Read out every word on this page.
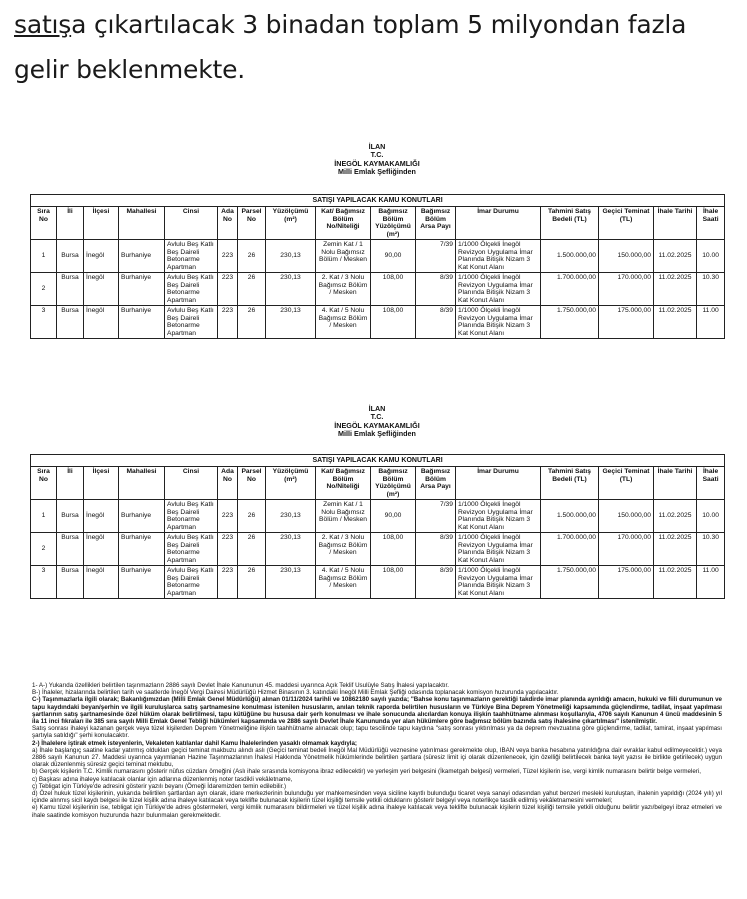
satışa çıkartılacak 3 binadan toplam 5 milyondan fazla gelir beklenmekte.
İLAN
T.C.
İNEGÖL KAYMAKAMLIĞI
Milli Emlak Şefliğinden
SATIŞI YAPILACAK KAMU KONUTLARI															
Sıra No	İli	İlçesi	Mahallesi	Cinsi	Ada No	Parsel No	Yüzölçümü (m²)	Kat/ Bağımsız Bölüm No/Niteliği	Bağımsız Bölüm Yüzölçümü (m²)	Bağımsız Bölüm Arsa Payı	İmar Durumu	Tahmini Satış Bedeli (TL)	Geçici Teminat (TL)	İhale Tarihi	İhale Saati
1	Bursa	İnegöl	Burhaniye	Avlulu Beş Katlı Beş Daireli Betonarme Apartman	223	26	230,13	Zemin Kat / 1 Nolu Bağımsız Bölüm / Mesken	90,00	7/39	1/1000 Ölçekli İnegöl Revizyon Uygulama İmar Planında Bitişik Nizam 3 Kat Konut Alanı	1.500.000,00	150.000,00	11.02.2025	10.00
2	Bursa	İnegöl	Burhaniye	Avlulu Beş Katlı Beş Daireli Betonarme Apartman	223	26	230,13	2. Kat / 3 Nolu Bağımsız Bölüm / Mesken	108,00	8/39	1/1000 Ölçekli İnegöl Revizyon Uygulama İmar Planında Bitişik Nizam 3 Kat Konut Alanı	1.700.000,00	170.000,00	11.02.2025	10.30
3	Bursa	İnegöl	Burhaniye	Avlulu Beş Katlı Beş Daireli Betonarme Apartman	223	26	230,13	4. Kat / 5 Nolu Bağımsız Bölüm / Mesken	108,00	8/39	1/1000 Ölçekli İnegöl Revizyon Uygulama İmar Planında Bitişik Nizam 3 Kat Konut Alanı	1.750.000,00	175.000,00	11.02.2025	11.00
İLAN
T.C.
İNEGÖL KAYMAKAMLIĞI
Milli Emlak Şefliğinden
SATIŞI YAPILACAK KAMU KONUTLARI															
Sıra No	İli	İlçesi	Mahallesi	Cinsi	Ada No	Parsel No	Yüzölçümü (m²)	Kat/ Bağımsız Bölüm No/Niteliği	Bağımsız Bölüm Yüzölçümü (m²)	Bağımsız Bölüm Arsa Payı	İmar Durumu	Tahmini Satış Bedeli (TL)	Geçici Teminat (TL)	İhale Tarihi	İhale Saati
1	Bursa	İnegöl	Burhaniye	Avlulu Beş Katlı Beş Daireli Betonarme Apartman	223	26	230,13	Zemin Kat / 1 Nolu Bağımsız Bölüm / Mesken	90,00	7/39	1/1000 Ölçekli İnegöl Revizyon Uygulama İmar Planında Bitişik Nizam 3 Kat Konut Alanı	1.500.000,00	150.000,00	11.02.2025	10.00
2	Bursa	İnegöl	Burhaniye	Avlulu Beş Katlı Beş Daireli Betonarme Apartman	223	26	230,13	2. Kat / 3 Nolu Bağımsız Bölüm / Mesken	108,00	8/39	1/1000 Ölçekli İnegöl Revizyon Uygulama İmar Planında Bitişik Nizam 3 Kat Konut Alanı	1.700.000,00	170.000,00	11.02.2025	10.30
3	Bursa	İnegöl	Burhaniye	Avlulu Beş Katlı Beş Daireli Betonarme Apartman	223	26	230,13	4. Kat / 5 Nolu Bağımsız Bölüm / Mesken	108,00	8/39	1/1000 Ölçekli İnegöl Revizyon Uygulama İmar Planında Bitişik Nizam 3 Kat Konut Alanı	1.750.000,00	175.000,00	11.02.2025	11.00

1- A-) Yukarıda özellikleri belirtilen taşınmazların 2886 sayılı Devlet İhale Kanununun 45. maddesi uyarınca Açık Teklif Usulüyle Satış İhalesi yapılacaktır.

B-) İhaleler, hizalarında belirtilen tarih ve saatlerde İnegöl Vergi Dairesi Müdürlüğü Hizmet Binasının 3. katındaki İnegöl Milli Emlak Şefliği odasında toplanacak komisyon huzurunda yapılacaktır.

C-) Taşınmazlarla ilgili olarak; Bakanlığımızdan (Milli Emlak Genel Müdürlüğü) alınan 01/11/2024 tarihli ve 10862180 sayılı yazıda; "Bahse konu taşınmazların gerektiği takdirde imar planında ayrıldığı amacın, hukuki ve fiili durumunun ve tapu kaydındaki beyan/şerhin ve ilgili kuruluşlarca satış şartnamesine konulması istenilen hususların, anılan teknik raporda belirtilen hususların ve Türkiye Bina Deprem Yönetmeliği kapsamında güçlendirme, tadilat, inşaat yapılması şartlarının satış şartnamesinde özel hüküm olarak belirtilmesi, tapu kütüğüne bu hususa dair şerh konulması ve ihale sonucunda alıcılardan konuya ilişkin taahhütname alınması koşullarıyla, 4706 sayılı Kanunun 4 üncü maddesinin 5 ila 11 inci fıkraları ile 385 sıra sayılı Milli Emlak Genel Tebliği hükümleri kapsamında ve 2886 sayılı Devlet İhale Kanununda yer alan hükümlere göre bağımsız bölüm bazında satış ihalesine çıkartılması" istenilmiştir.

Satış sonrası ihaleyi kazanan gerçek veya tüzel kişilerden Deprem Yönetmeliğine ilişkin taahhütname alınacak olup; tapu tescilinde tapu kaydına "satış sonrası yıktırılması ya da deprem mevzuatına göre güçlendirme, tadilat, tamirat, inşaat yapılması şartıyla satıldığı" şerhi konulacaktır.

2-) İhalelere iştirak etmek isteyenlerin, Vekaleten katılanlar dahil Kamu İhalelerinden yasaklı olmamak kaydıyla;

a) İhale başlangıç saatine kadar yatırmış oldukları geçici teminat makbuzu alındı aslı (Geçici teminat bedeli İnegöl Mal Müdürlüğü veznesine yatırılması gerekmekte olup, IBAN veya banka hesabına yatırıldığına dair evraklar kabul edilmeyecektir.) veya 2886 sayılı Kanunun 27. Maddesi uyarınca yayımlanan Hazine Taşınmazlarının İhalesi Hakkında Yönetmelik hükümlerinde belirtilen şartlara (süresiz limit içi olarak düzenlenecek, için özelliği belirtilecek banka teyit yazısı ile birlikte getirilecek) uygun olarak düzenlenmiş süresiz geçici teminat mektubu,

b) Gerçek kişilerin T.C. Kimlik numarasını gösterir nüfus cüzdanı örneğini (Aslı ihale sırasında komisyona ibraz edilecektir) ve yerleşim yeri belgesini (İkametgah belgesi) vermeleri, Tüzel kişilerin ise, vergi kimlik numarasını belirtir belge vermeleri,

c) Başkası adına ihaleye katılacak olanlar için adlarına düzenlenmiş noter tasdikli vekâletname,

ç) Tebligat için Türkiye'de adresini gösterir yazılı beyanı (Örneği İdaremizden temin edilebilir.)

d) Özel hukuk tüzel kişilerinin, yukarıda belirtilen şartlardan ayrı olarak, idare merkezlerinin bulunduğu yer mahkemesinden veya siciline kayıtlı bulunduğu ticaret veya sanayi odasından yahut benzeri mesleki kuruluştan, ihalenin yapıldığı (2024 yılı) yıl içinde alınmış sicil kaydı belgesi ile tüzel kişilik adına ihaleye katılacak veya teklifte bulunacak kişilerin tüzel kişiliği temsile yetkili olduklarını gösterir belgeyi veya noterlikçe tasdik edilmiş vekâletnamesini vermeleri;

e) Kamu tüzel kişilerinin ise, tebligat için Türkiye'de adres göstermeleri, vergi kimlik numarasını bildirmeleri ve tüzel kişilik adına ihaleye katılacak veya teklifte bulunacak kişilerin tüzel kişiliği temsile yetkili olduğunu belirtir yazı/belgeyi ibraz etmeleri ve ihale saatinde komisyon huzurunda hazır bulunmaları gerekmektedir.
